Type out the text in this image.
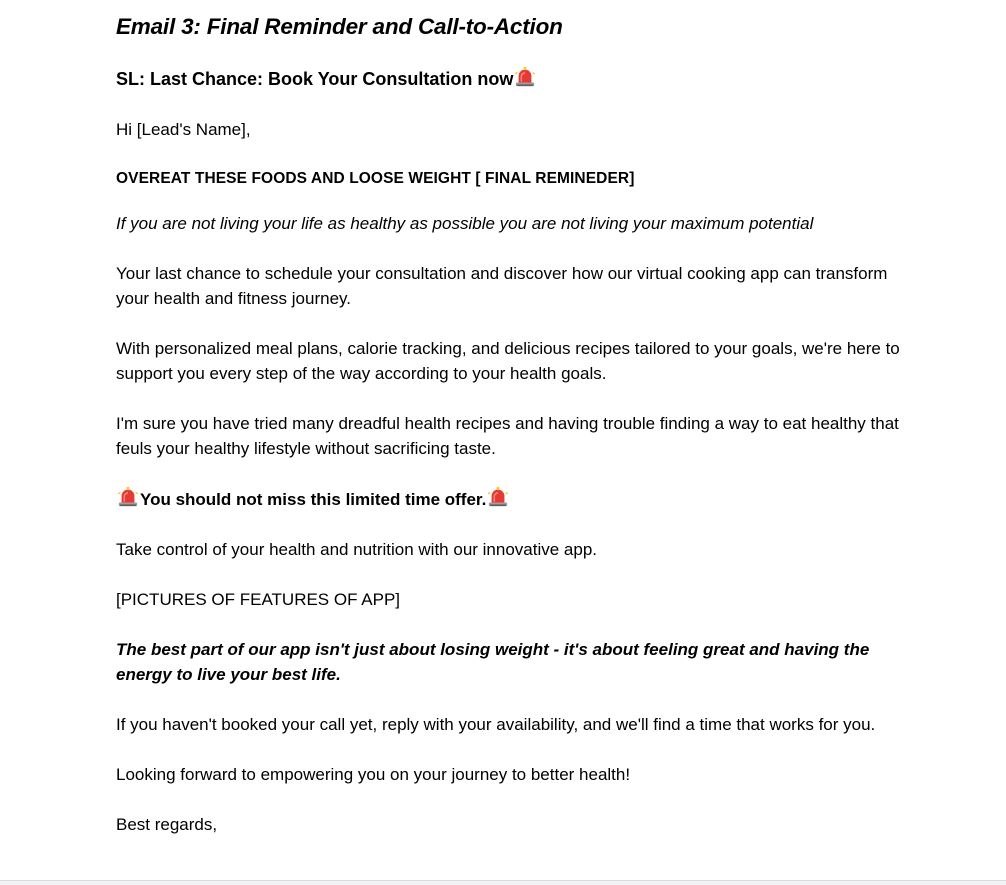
Email 3: Final Reminder and Call-to-Action
SL: Last Chance: Book Your Consultation now

Hi [Lead's Name],

OVEREAT THESE FOODS AND LOOSE WEIGHT [ FINAL REMINEDER]

If you are not living your life as healthy as possible you are not living your maximum potential

Your last chance to schedule your consultation and discover how our virtual cooking app can transform your health and fitness journey.

With personalized meal plans, calorie tracking, and delicious recipes tailored to your goals, we're here to support you every step of the way according to your health goals.

I'm sure you have tried many dreadful health recipes and having trouble finding a way to eat healthy that feuls your healthy lifestyle without sacrificing taste.

You should not miss this limited time offer.

Take control of your health and nutrition with our innovative app.

[PICTURES OF FEATURES OF APP]

The best part of our app isn't just about losing weight - it's about feeling great and having the energy to live your best life.

If you haven't booked your call yet, reply with your availability, and we'll find a time that works for you.

Looking forward to empowering you on your journey to better health!

Best regards,
